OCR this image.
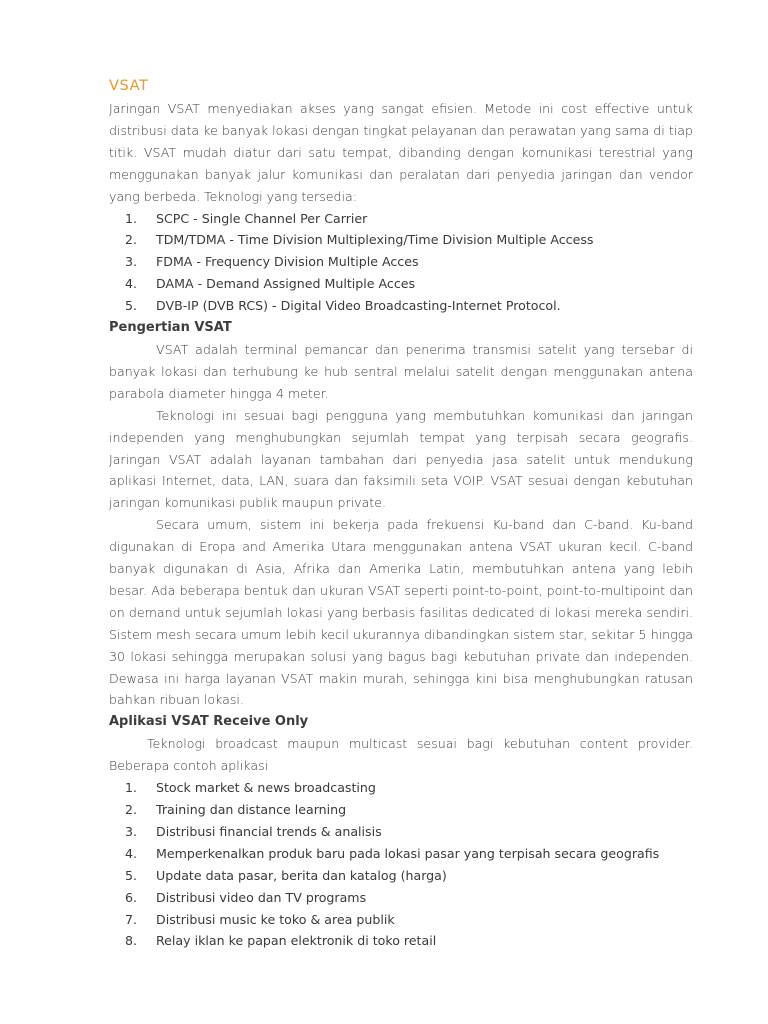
VSAT

Jaringan VSAT menyediakan akses yang sangat efisien. Metode ini cost effective untuk distribusi data ke banyak lokasi dengan tingkat pelayanan dan perawatan yang sama di tiap titik. VSAT mudah diatur dari satu tempat, dibanding dengan komunikasi terestrial yang menggunakan banyak jalur komunikasi dan peralatan dari penyedia jaringan dan vendor yang berbeda. Teknologi yang tersedia:

1. SCPC - Single Channel Per Carrier
2. TDM/TDMA - Time Division Multiplexing/Time Division Multiple Access
3. FDMA - Frequency Division Multiple Acces
4. DAMA - Demand Assigned Multiple Acces
5. DVB-IP (DVB RCS) - Digital Video Broadcasting-Internet Protocol.
Pengertian VSAT

VSAT adalah terminal pemancar dan penerima transmisi satelit yang tersebar di banyak lokasi dan terhubung ke hub sentral melalui satelit dengan menggunakan antena parabola diameter hingga 4 meter.

Teknologi ini sesuai bagi pengguna yang membutuhkan komunikasi dan jaringan independen yang menghubungkan sejumlah tempat yang terpisah secara geografis. Jaringan VSAT adalah layanan tambahan dari penyedia jasa satelit untuk mendukung aplikasi Internet, data, LAN, suara dan faksimili seta VOIP. VSAT sesuai dengan kebutuhan jaringan komunikasi publik maupun private.

Secara umum, sistem ini bekerja pada frekuensi Ku-band dan C-band. Ku-band digunakan di Eropa and Amerika Utara menggunakan antena VSAT ukuran kecil. C-band banyak digunakan di Asia, Afrika dan Amerika Latin, membutuhkan antena yang lebih besar. Ada beberapa bentuk dan ukuran VSAT seperti point-to-point, point-to-multipoint dan on demand untuk sejumlah lokasi yang berbasis fasilitas dedicated di lokasi mereka sendiri. Sistem mesh secara umum lebih kecil ukurannya dibandingkan sistem star, sekitar 5 hingga 30 lokasi sehingga merupakan solusi yang bagus bagi kebutuhan private dan independen. Dewasa ini harga layanan VSAT makin murah, sehingga kini bisa menghubungkan ratusan bahkan ribuan lokasi.

Aplikasi VSAT Receive Only

Teknologi broadcast maupun multicast sesuai bagi kebutuhan content provider. Beberapa contoh aplikasi

1. Stock market & news broadcasting
2. Training dan distance learning
3. Distribusi financial trends & analisis
4. Memperkenalkan produk baru pada lokasi pasar yang terpisah secara geografis
5. Update data pasar, berita dan katalog (harga)
6. Distribusi video dan TV programs
7. Distribusi music ke toko & area publik
8. Relay iklan ke papan elektronik di toko retail
